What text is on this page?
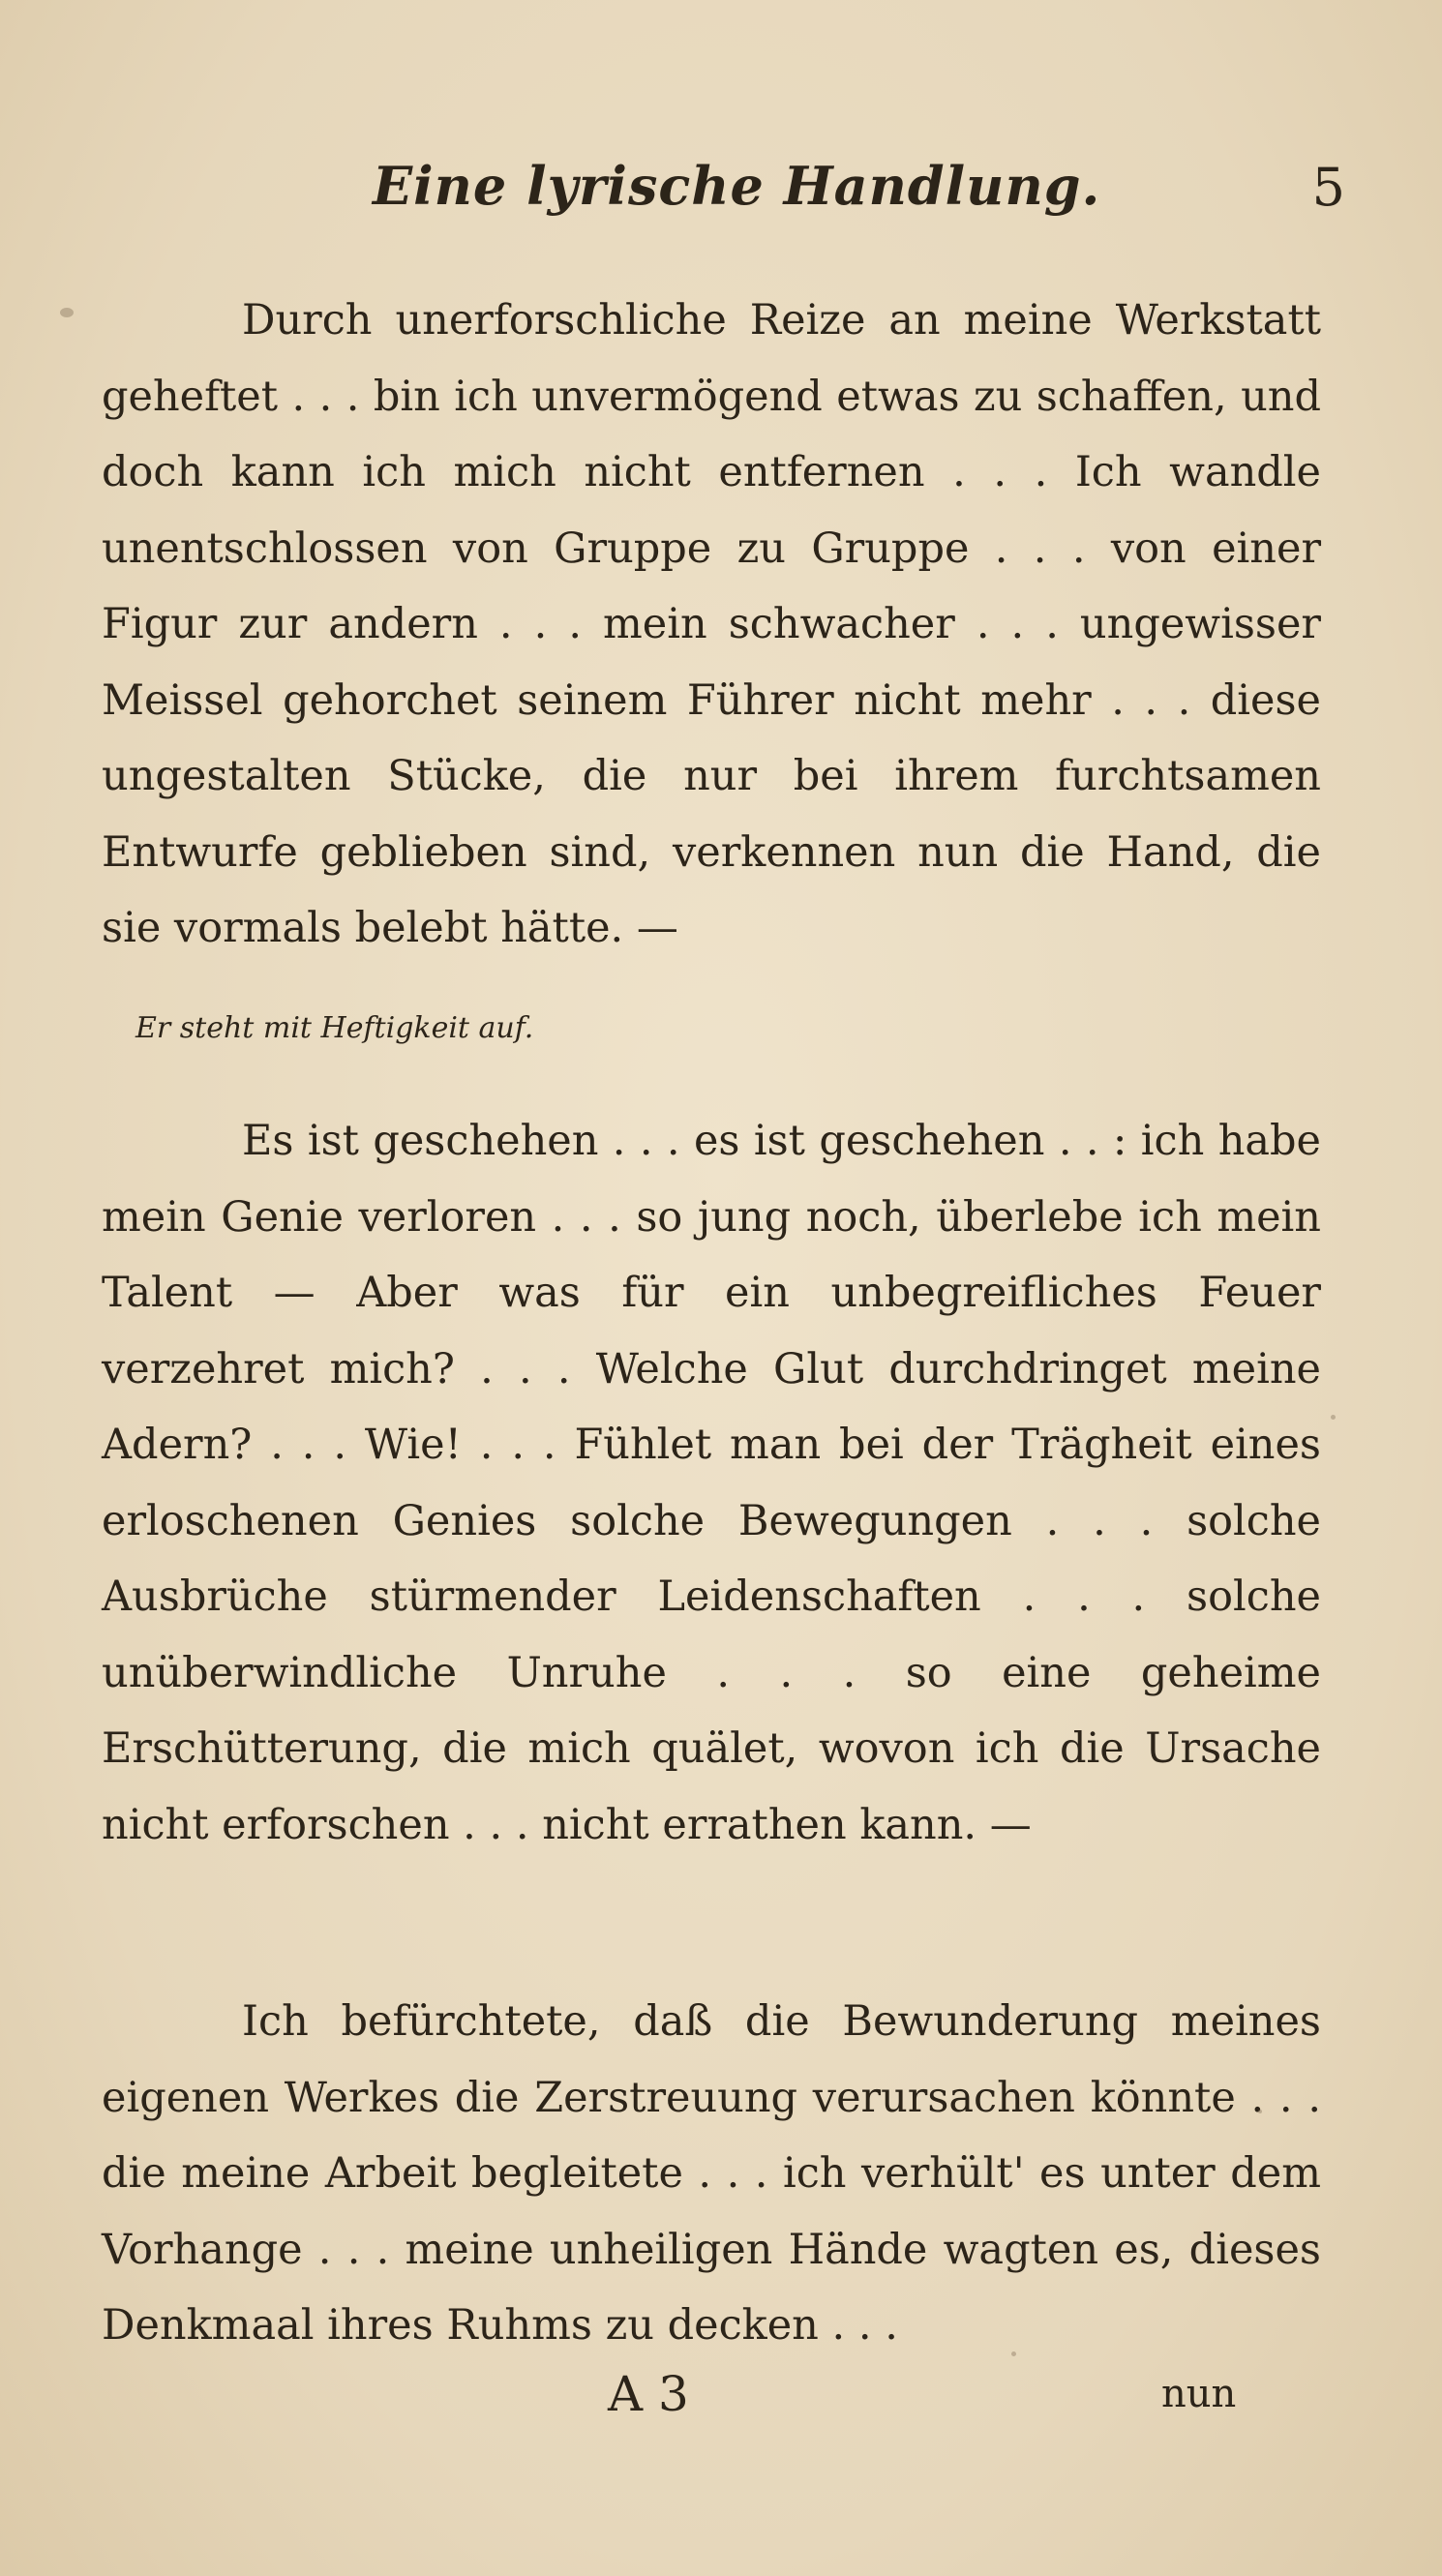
Eine lyrische Handlung.	5
Durch unerforschliche Reize an meine Werkstatt geheftet . . . bin ich unvermögend etwas zu schaffen, und doch kann ich mich nicht entfernen . . . Ich wandle unentschlossen von Gruppe zu Gruppe . . . von einer Figur zur andern . . . mein schwacher . . . ungewisser Meissel gehorchet seinem Führer nicht mehr . . . diese ungestalten Stücke, die nur bei ihrem furchtsamen Entwurfe geblieben sind, verkennen nun die Hand, die sie vormals belebt hätte. —
Er steht mit Heftigkeit auf.
Es ist geschehen . . . es ist geschehen . . : ich habe mein Genie verloren . . . so jung noch, überlebe ich mein Talent — Aber was für ein unbegreifliches Feuer verzehret mich? . . . Welche Glut durchdringet meine Adern? . . . Wie! . . . Fühlet man bei der Trägheit eines erloschenen Genies solche Bewegungen . . . solche Ausbrüche stürmender Leidenschaften . . . solche unüberwindliche Unruhe . . . so eine geheime Erschütterung, die mich quälet, wovon ich die Ursache nicht erforschen . . . nicht errathen kann. —
Ich befürchtete, daß die Bewunderung meines eigenen Werkes die Zerstreuung verursachen könnte . . . die meine Arbeit begleitete . . . ich verhült' es unter dem Vorhange . . . meine unheiligen Hände wagten es, dieses Denkmaal ihres Ruhms zu decken . . .
A 3	nun
